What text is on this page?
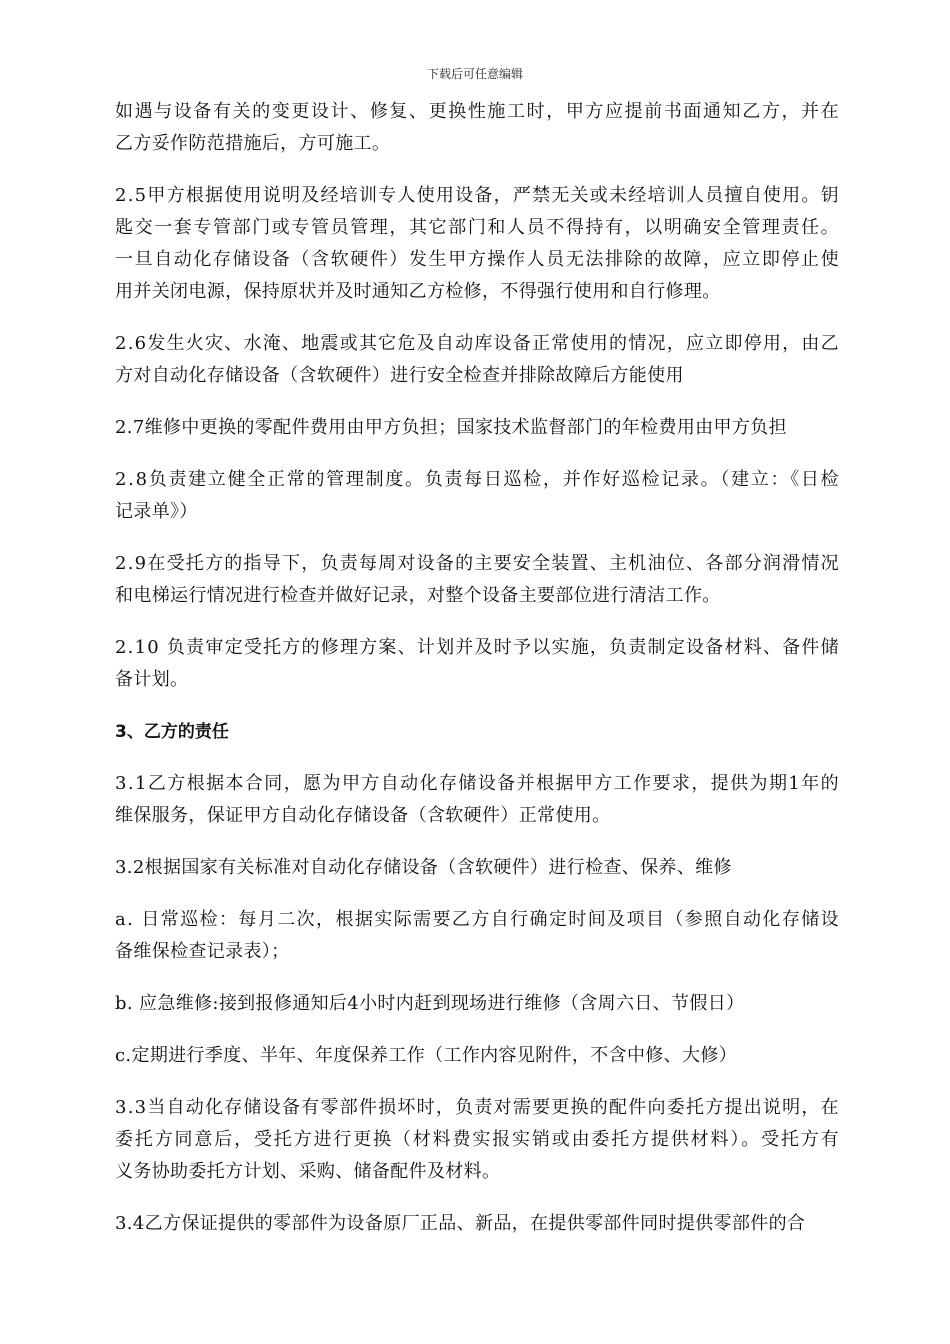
下载后可任意编辑
如遇与设备有关的变更设计、修复、更换性施工时，甲方应提前书面通知乙方，并在
乙方妥作防范措施后，方可施工。
2.5甲方根据使用说明及经培训专人使用设备，严禁无关或未经培训人员擅自使用。钥
匙交一套专管部门或专管员管理，其它部门和人员不得持有，以明确安全管理责任。
一旦自动化存储设备（含软硬件）发生甲方操作人员无法排除的故障，应立即停止使
用并关闭电源，保持原状并及时通知乙方检修，不得强行使用和自行修理。
2.6发生火灾、水淹、地震或其它危及自动库设备正常使用的情况，应立即停用，由乙
方对自动化存储设备（含软硬件）进行安全检查并排除故障后方能使用
2.7维修中更换的零配件费用由甲方负担；国家技术监督部门的年检费用由甲方负担
2.8负责建立健全正常的管理制度。负责每日巡检，并作好巡检记录。（建立：《日检
记录单》）
2.9在受托方的指导下，负责每周对设备的主要安全装置、主机油位、各部分润滑情况
和电梯运行情况进行检查并做好记录，对整个设备主要部位进行清洁工作。
2.10 负责审定受托方的修理方案、计划并及时予以实施，负责制定设备材料、备件储
备计划。
3、乙方的责任
3.1乙方根据本合同，愿为甲方自动化存储设备并根据甲方工作要求，提供为期1年的
维保服务，保证甲方自动化存储设备（含软硬件）正常使用。
3.2根据国家有关标准对自动化存储设备（含软硬件）进行检查、保养、维修
a. 日常巡检：每月二次，根据实际需要乙方自行确定时间及项目（参照自动化存储设
备维保检查记录表）；
b. 应急维修:接到报修通知后4小时内赶到现场进行维修（含周六日、节假日）
c.定期进行季度、半年、年度保养工作（工作内容见附件，不含中修、大修）
3.3当自动化存储设备有零部件损坏时，负责对需要更换的配件向委托方提出说明，在
委托方同意后，受托方进行更换（材料费实报实销或由委托方提供材料）。受托方有
义务协助委托方计划、采购、储备配件及材料。
3.4乙方保证提供的零部件为设备原厂正品、新品，在提供零部件同时提供零部件的合
